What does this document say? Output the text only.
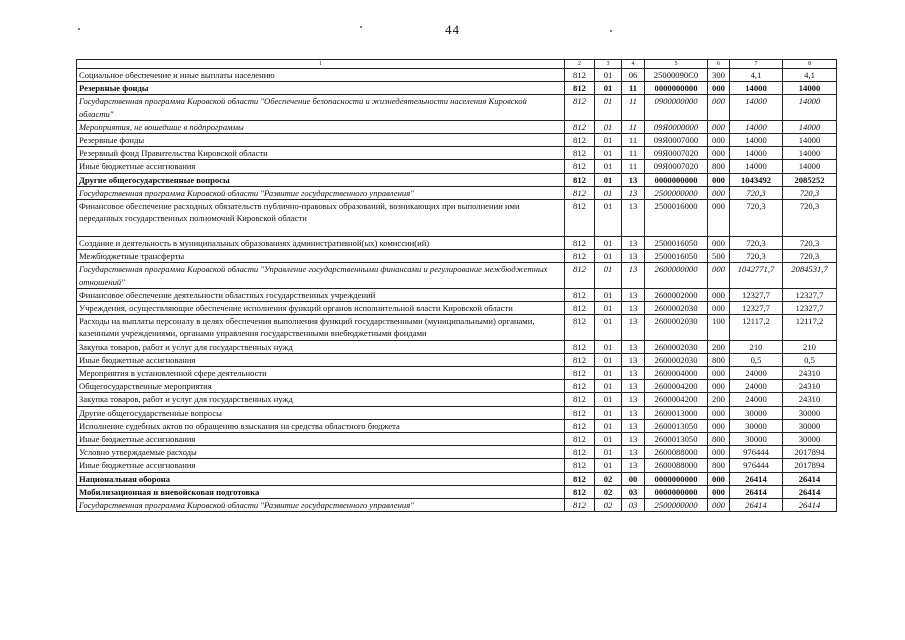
44
1	2	3	4	5	6	7	8
Социальное обеспечение и иные выплаты населению	812	01	06	25000090С0	300	4,1	4,1
Резервные фонды	812	01	11	0000000000	000	14000	14000
Государственная программа Кировской области "Обеспечение безопасности и жизнедеятельности населения Кировской области"	812	01	11	0900000000	000	14000	14000
Мероприятия, не вошедшие в подпрограммы	812	01	11	09Я0000000	000	14000	14000
Резервные фонды	812	01	11	09Я0007000	000	14000	14000
Резервный фонд Правительства Кировской области	812	01	11	09Я0007020	000	14000	14000
Иные бюджетные ассигнования	812	01	11	09Я0007020	800	14000	14000
Другие общегосударственные вопросы	812	01	13	0000000000	000	1043492	2085252
Государственная программа Кировской области "Развитие государственного управления"	812	01	13	2500000000	000	720,3	720,3
Финансовое обеспечение расходных обязательств публично-правовых образований, возникающих при выполнении ими переданных государственных полномочий Кировской области	812	01	13	2500016000	000	720,3	720,3
Создание и деятельность в муниципальных образованиях административной(ых) комиссии(ий)	812	01	13	2500016050	000	720,3	720,3
Межбюджетные трансферты	812	01	13	2500016050	500	720,3	720,3
Государственная программа Кировской области "Управление государственными финансами и регулирование межбюджетных отношений"	812	01	13	2600000000	000	1042771,7	2084531,7
Финансовое обеспечение деятельности областных государственных учреждений	812	01	13	2600002000	000	12327,7	12327,7
Учреждения, осуществляющие обеспечение исполнения функций органов исполнительной власти Кировской области	812	01	13	2600002030	000	12327,7	12327,7
Расходы на выплаты персоналу в целях обеспечения выполнения функций государственными (муниципальными) органами, казенными учреждениями, органами управления государственными внебюджетными фондами	812	01	13	2600002030	100	12117,2	12117,2
Закупка товаров, работ и услуг для государственных нужд	812	01	13	2600002030	200	210	210
Иные бюджетные ассигнования	812	01	13	2600002030	800	0,5	0,5
Мероприятия в установленной сфере деятельности	812	01	13	2600004000	000	24000	24310
Общегосударственные мероприятия	812	01	13	2600004200	000	24000	24310
Закупка товаров, работ и услуг для государственных нужд	812	01	13	2600004200	200	24000	24310
Другие общегосударственные вопросы	812	01	13	2600013000	000	30000	30000
Исполнение судебных актов по обращению взыскания на средства областного бюджета	812	01	13	2600013050	000	30000	30000
Иные бюджетные ассигнования	812	01	13	2600013050	800	30000	30000
Условно утверждаемые расходы	812	01	13	2600088000	000	976444	2017894
Иные бюджетные ассигнования	812	01	13	2600088000	800	976444	2017894
Национальная оборона	812	02	00	0000000000	000	26414	26414
Мобилизационная и вневойсковая подготовка	812	02	03	0000000000	000	26414	26414
Государственная программа Кировской области "Развитие государственного управления"	812	02	03	2500000000	000	26414	26414
